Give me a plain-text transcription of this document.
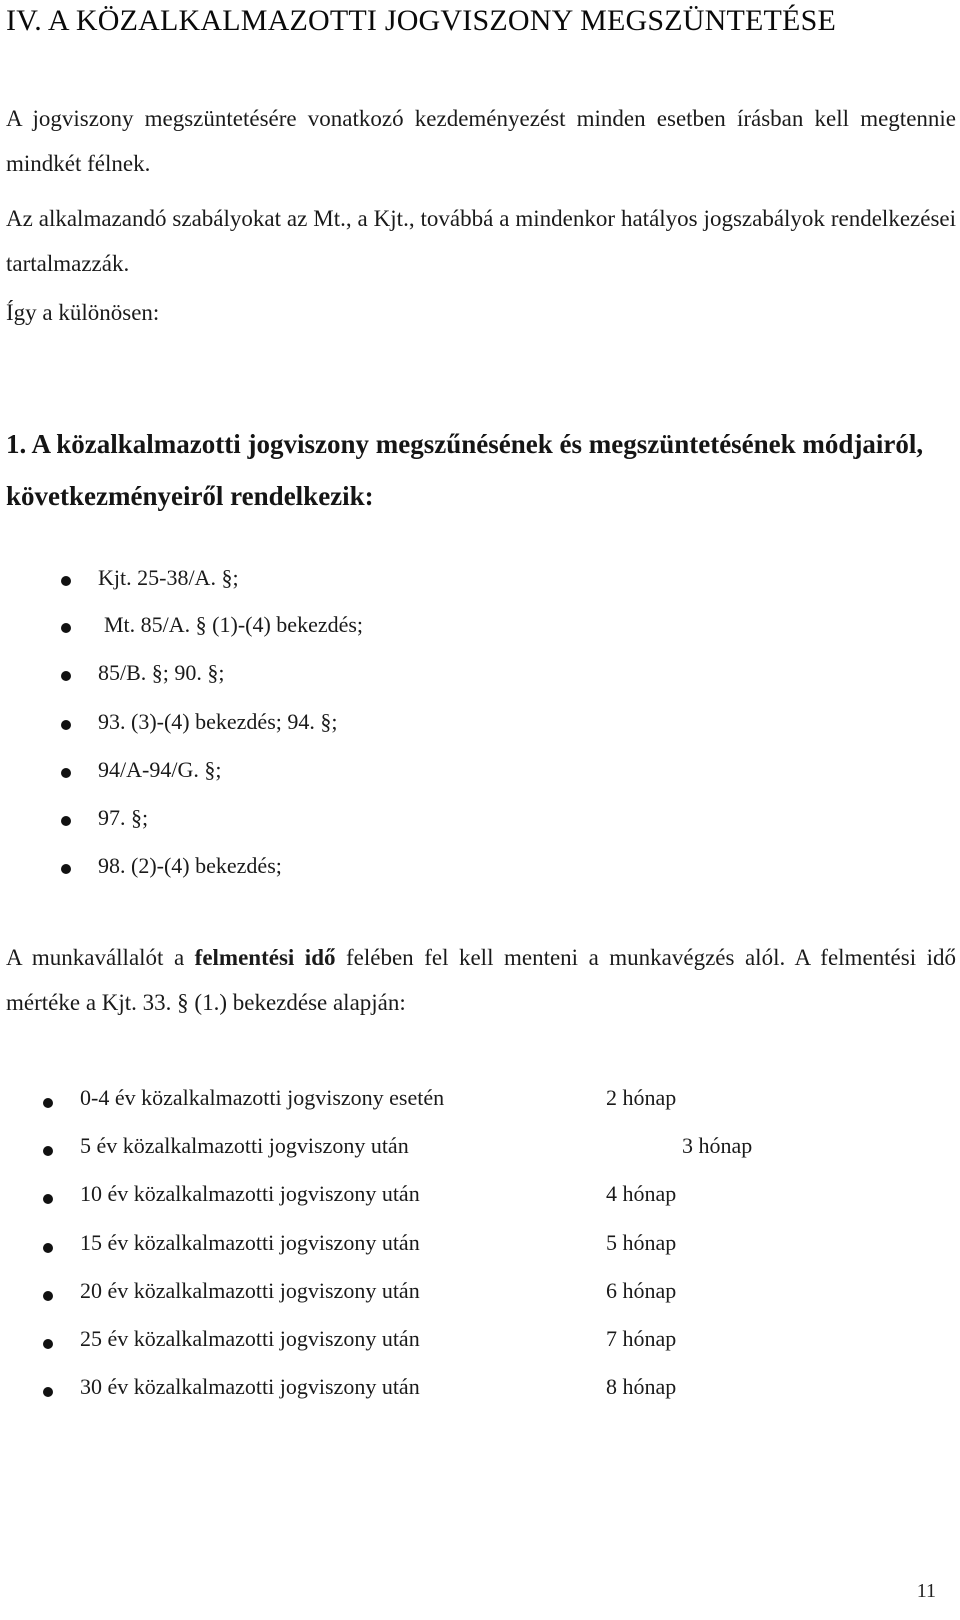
IV. A KÖZALKALMAZOTTI JOGVISZONY MEGSZÜNTETÉSE

A jogviszony megszüntetésére vonatkozó kezdeményezést minden esetben írásban kell megtennie mindkét félnek.

Az alkalmazandó szabályokat az Mt., a Kjt., továbbá a mindenkor hatályos jogszabályok rendelkezései tartalmazzák.

Így a különösen:

1. A közalkalmazotti jogviszony megszűnésének és megszüntetésének módjairól, következményeiről rendelkezik:
Kjt. 25-38/A. §;
Mt. 85/A. § (1)-(4) bekezdés;
85/B. §; 90. §;
93. (3)-(4) bekezdés; 94. §;
94/A-94/G. §;
97. §;
98. (2)-(4) bekezdés;

A munkavállalót a felmentési idő felében fel kell menteni a munkavégzés alól. A felmentési idő mértéke a Kjt. 33. § (1.) bekezdése alapján:

0-4 év közalkalmazotti jogviszony esetén	2 hónap
5 év közalkalmazotti jogviszony után	3 hónap
10 év közalkalmazotti jogviszony után	4 hónap
15 év közalkalmazotti jogviszony után	5 hónap
20 év közalkalmazotti jogviszony után	6 hónap
25 év közalkalmazotti jogviszony után	7 hónap
30 év közalkalmazotti jogviszony után	8 hónap
11
